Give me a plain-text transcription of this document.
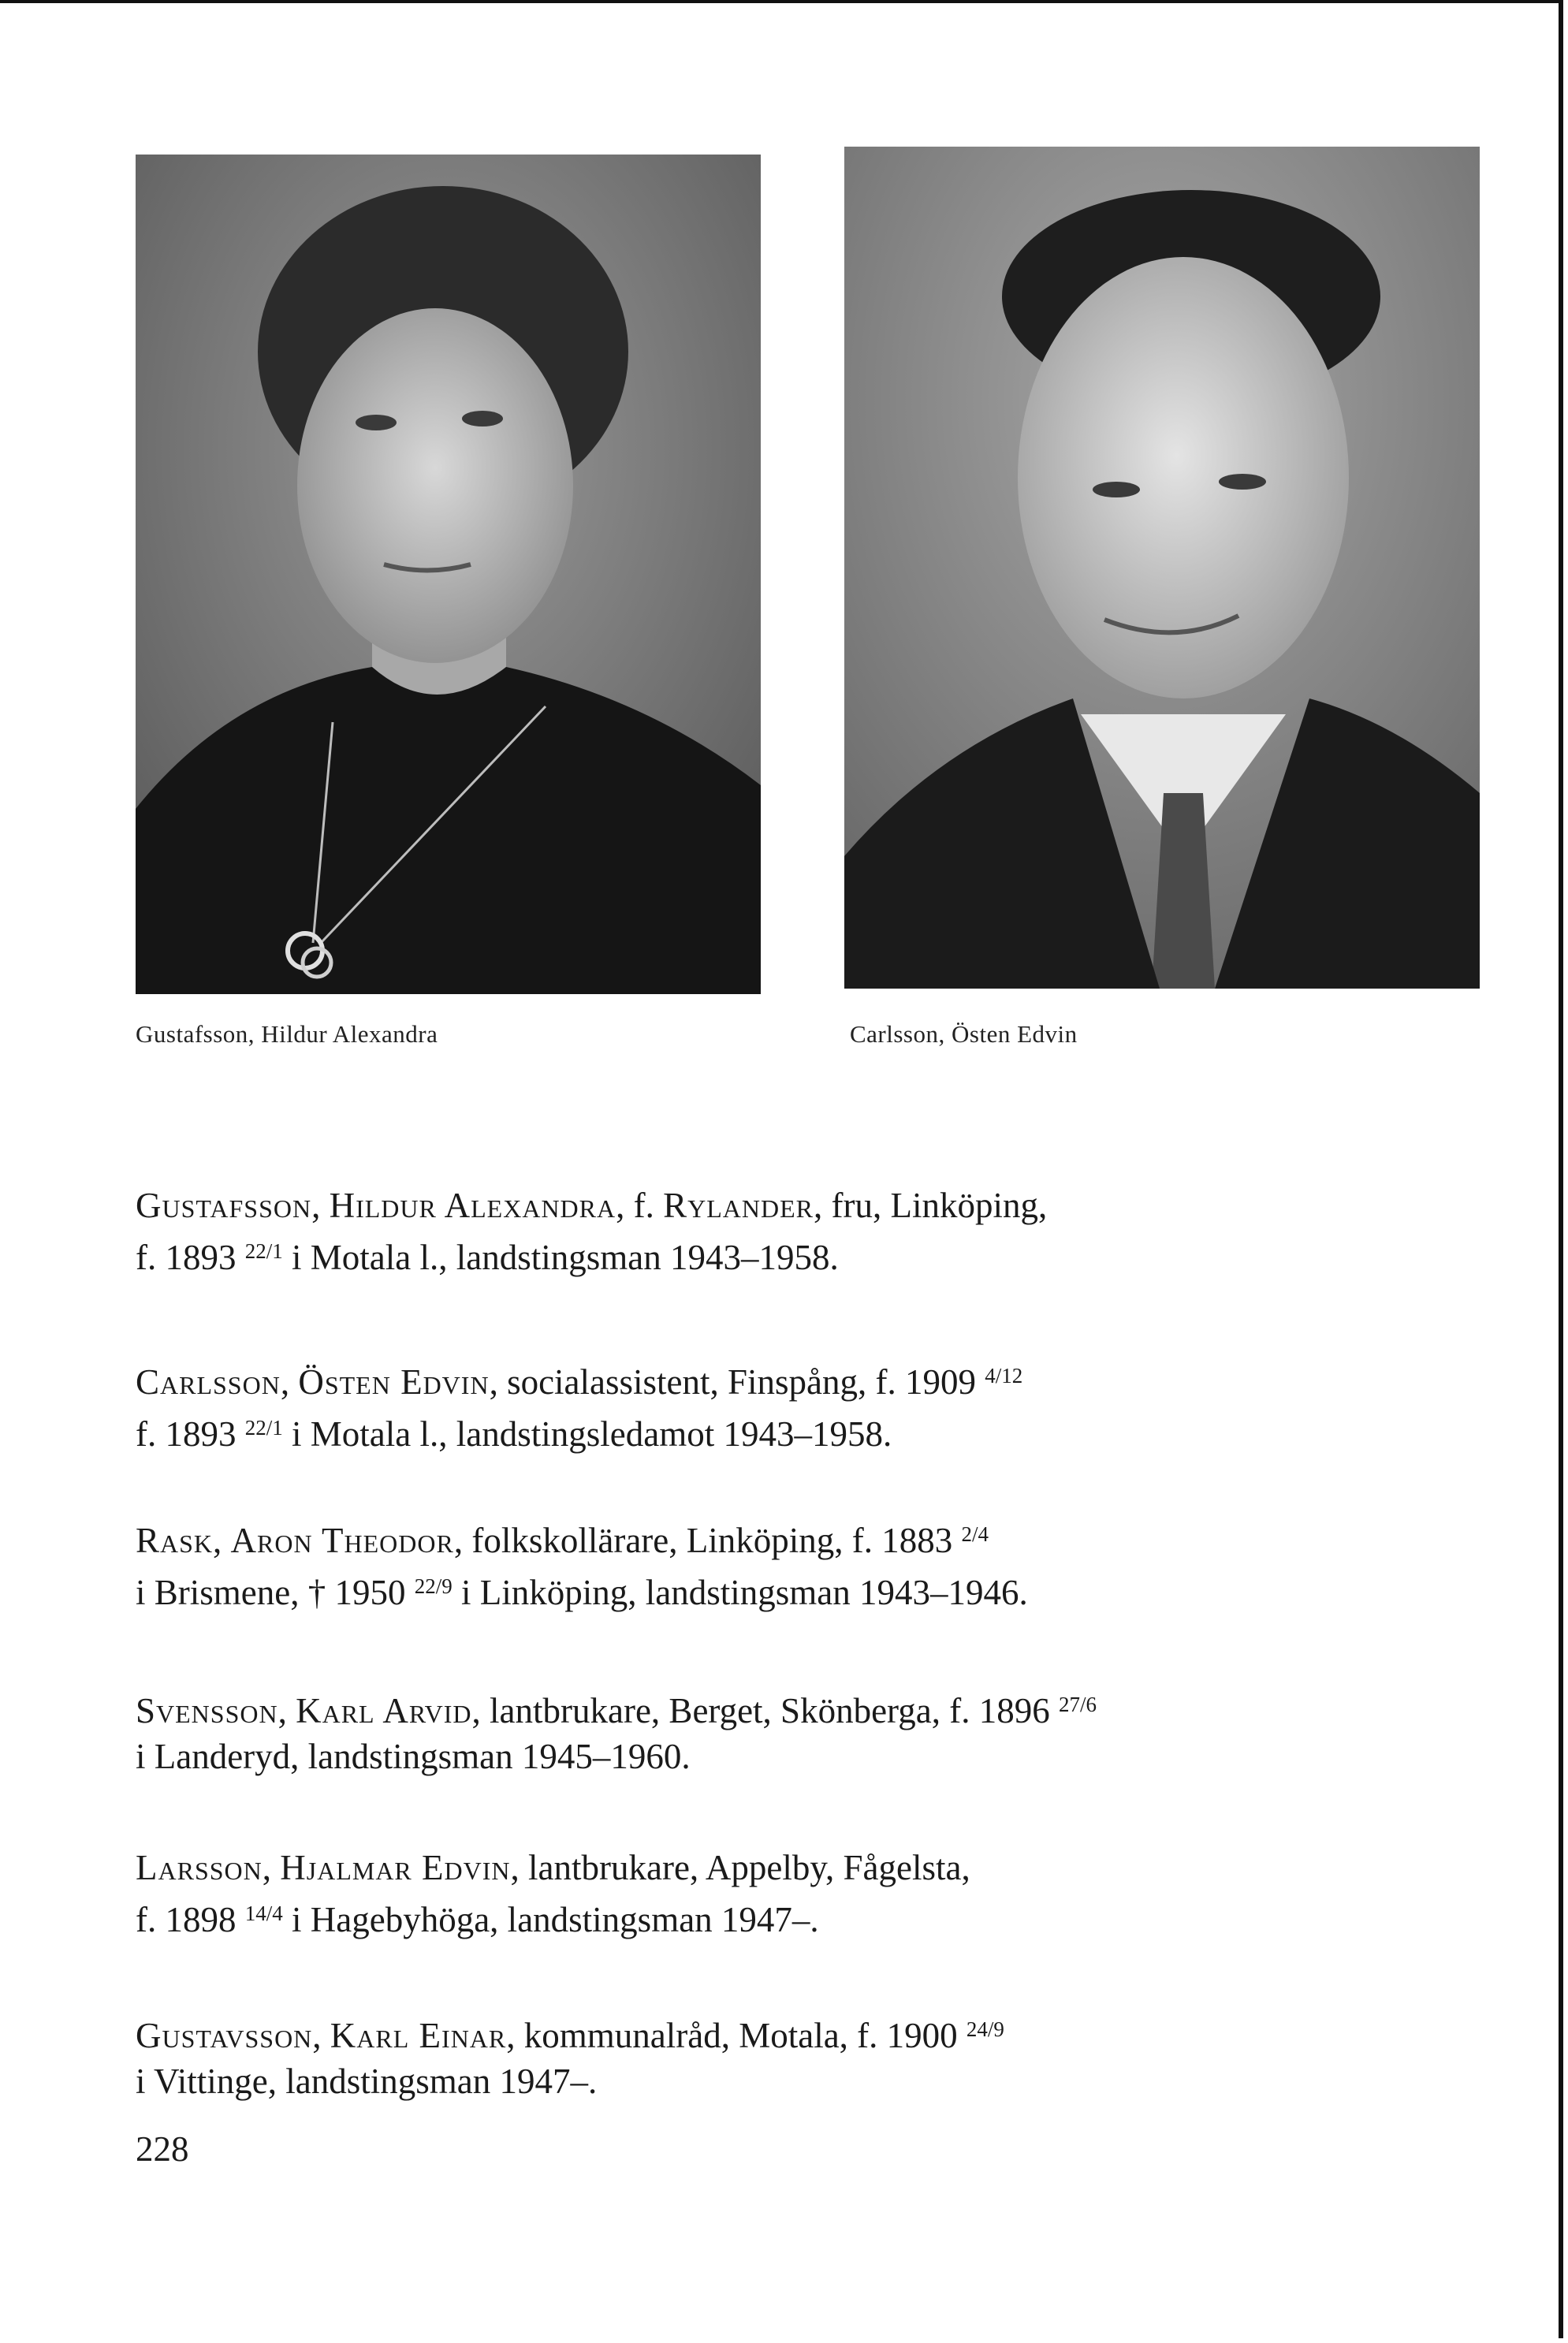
Gustafsson, Hildur Alexandra	Carlsson, Östen Edvin
Gustafsson, Hildur Alexandra, f. Rylander, fru, Linköping,
f. 1893 $^{22/1}$ i Motala l., landstingsman 1943–1958.
Carlsson, Östen Edvin, socialassistent, Finspång, f. 1909 $^{4/12}$
f. 1893 $^{22/1}$ i Motala l., landstingsledamot 1943–1958.
Rask, Aron Theodor, folkskollärare, Linköping, f. 1883 $^{2/4}$
i Brismene, † 1950 $^{22/9}$ i Linköping, landstingsman 1943–1946.
Svensson, Karl Arvid, lantbrukare, Berget, Skönberga, f. 1896 $^{27/6}$
i Landeryd, landstingsman 1945–1960.
Larsson, Hjalmar Edvin, lantbrukare, Appelby, Fågelsta,
f. 1898 $^{14/4}$ i Hagebyhöga, landstingsman 1947–.
Gustavsson, Karl Einar, kommunalråd, Motala, f. 1900 $^{24/9}$
i Vittinge, landstingsman 1947–.
228
